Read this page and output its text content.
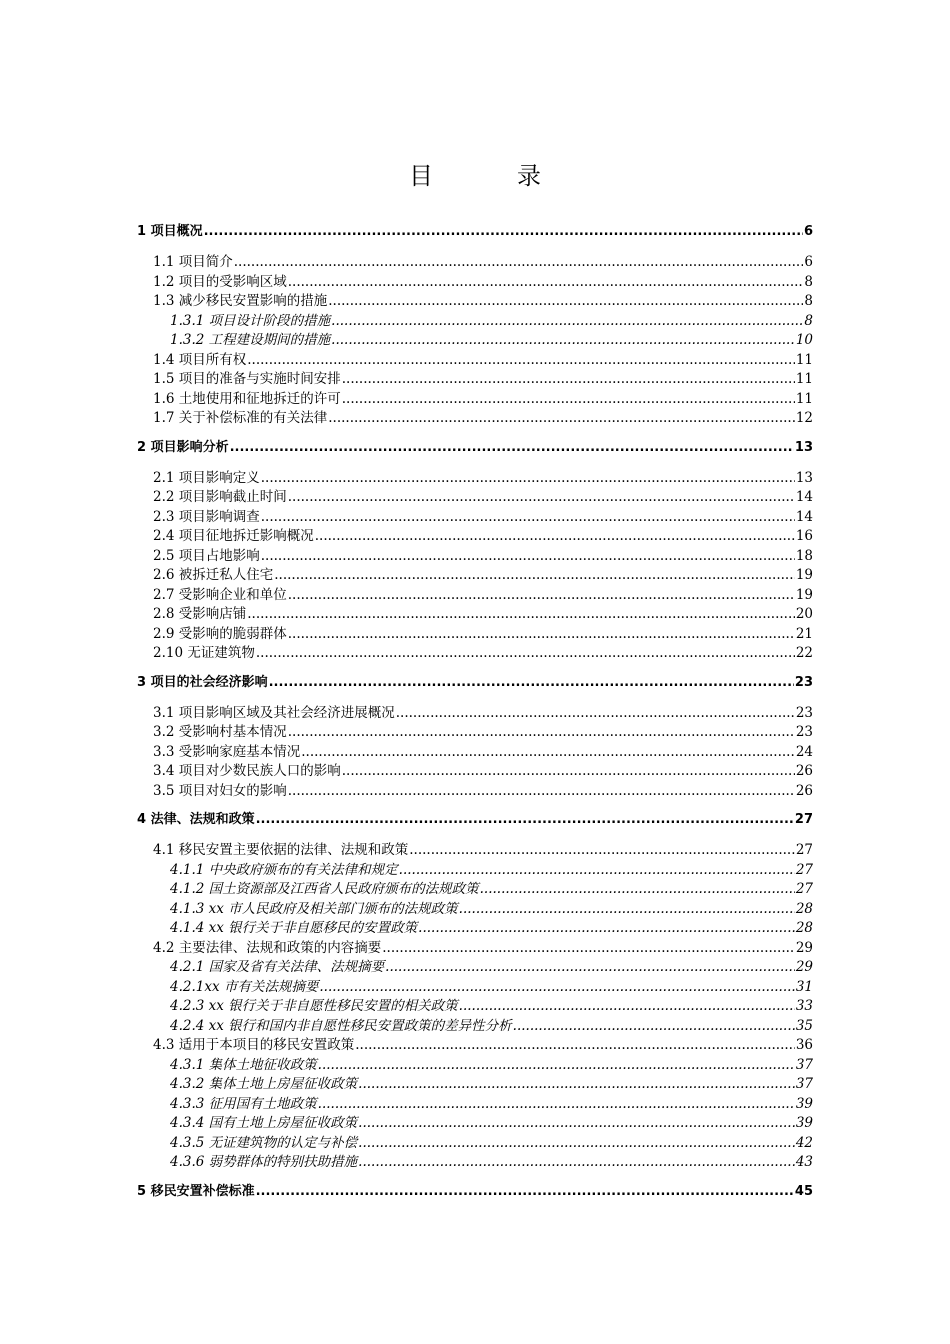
目　录
1 项目概况 .....	6
1.1 项目简介 .....	6
1.2 项目的受影响区域 .....	8
1.3 减少移民安置影响的措施 .....	8
1.3.1 项目设计阶段的措施 .....	8
1.3.2 工程建设期间的措施 .....	10
1.4 项目所有权 .....	11
1.5 项目的准备与实施时间安排 .....	11
1.6 土地使用和征地拆迁的许可 .....	11
1.7 关于补偿标准的有关法律 .....	12
2 项目影响分析 .....	13
2.1 项目影响定义 .....	13
2.2 项目影响截止时间 .....	14
2.3 项目影响调查 .....	14
2.4 项目征地拆迁影响概况 .....	16
2.5 项目占地影响 .....	18
2.6 被拆迁私人住宅 .....	19
2.7 受影响企业和单位 .....	19
2.8 受影响店铺 .....	20
2.9 受影响的脆弱群体 .....	21
2.10 无证建筑物 .....	22
3 项目的社会经济影响 .....	23
3.1 项目影响区域及其社会经济进展概况 .....	23
3.2 受影响村基本情况 .....	23
3.3 受影响家庭基本情况 .....	24
3.4 项目对少数民族人口的影响 .....	26
3.5 项目对妇女的影响 .....	26
4 法律、法规和政策 .....	27
4.1 移民安置主要依据的法律、法规和政策 .....	27
4.1.1 中央政府颁布的有关法律和规定 .....	27
4.1.2 国土资源部及江西省人民政府颁布的法规政策 .....	27
4.1.3 xx 市人民政府及相关部门颁布的法规政策 .....	28
4.1.4 xx 银行关于非自愿移民的安置政策 .....	28
4.2 主要法律、法规和政策的内容摘要 .....	29
4.2.1 国家及省有关法律、法规摘要 .....	29
4.2.1xx 市有关法规摘要 .....	31
4.2.3 xx 银行关于非自愿性移民安置的相关政策 .....	33
4.2.4 xx 银行和国内非自愿性移民安置政策的差异性分析 .....	35
4.3 适用于本项目的移民安置政策 .....	36
4.3.1 集体土地征收政策 .....	37
4.3.2 集体土地上房屋征收政策 .....	37
4.3.3 征用国有土地政策 .....	39
4.3.4 国有土地上房屋征收政策 .....	39
4.3.5 无证建筑物的认定与补偿 .....	42
4.3.6 弱势群体的特别扶助措施 .....	43
5 移民安置补偿标准 .....	45
